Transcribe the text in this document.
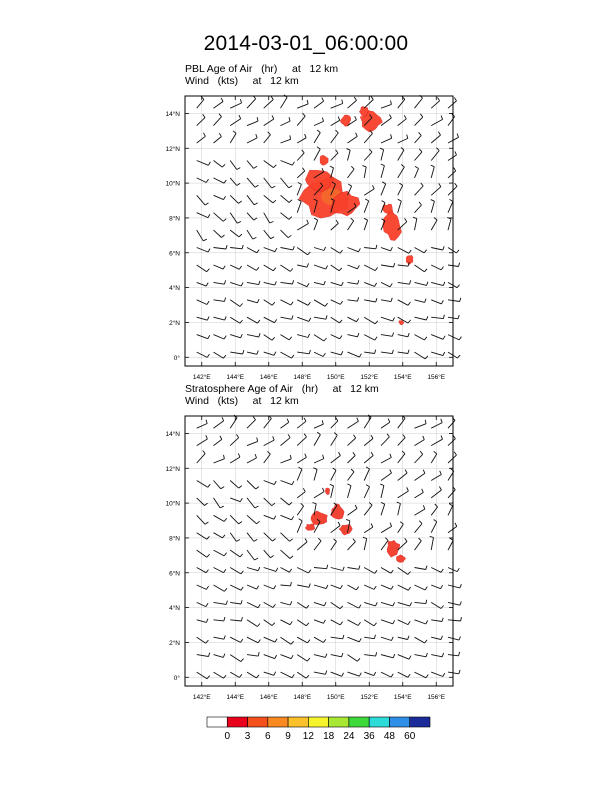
2014-03-01_06:00:00
PBL Age of Air   (hr)     at   12 km
Wind   (kts)     at   12 km
Stratosphere Age of Air   (hr)     at   12 km
Wind   (kts)     at   12 km
142°E 144°E 146°E 148°E 150°E 152°E 154°E 156°E
0°
2°N
4°N
6°N
8°N
10°N
12°N
14°N
142°E 144°E 146°E 148°E 150°E 152°E 154°E 156°E
0°
2°N
4°N
6°N
8°N
10°N
12°N
14°N
0 3 6 9 12 18 24 36 48 60
